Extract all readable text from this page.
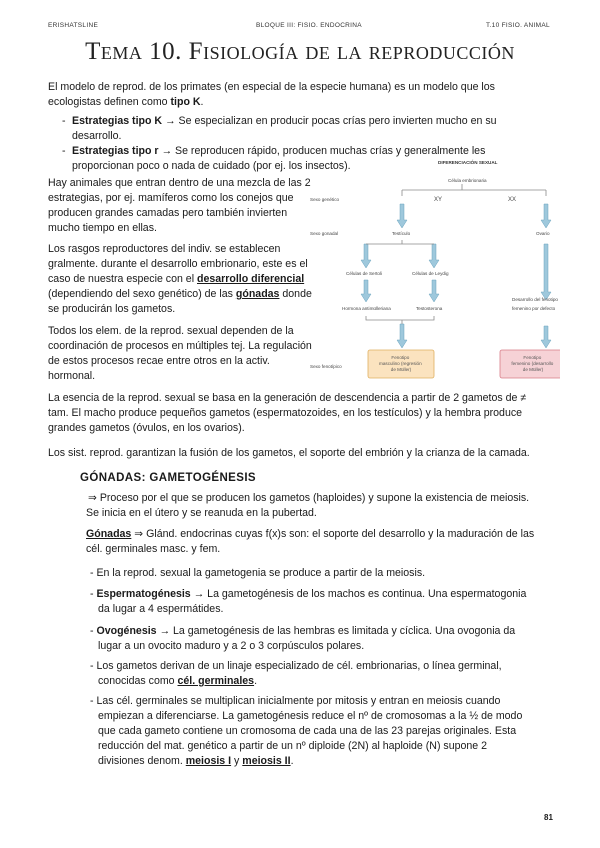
ERISHATSLINE	BLOQUE III: FISIO. ENDOCRINA	T.10 FISIO. ANIMAL
Tema 10. Fisiología de la reproducción
El modelo de reprod. de los primates (en especial de la especie humana) es un modelo que los
ecologistas definen como tipo K.
- Estrategias tipo K → Se especializan en producir pocas crías pero invierten mucho en su
desarrollo.
- Estrategias tipo r → Se reproducen rápido, producen muchas crías y generalmente les
proporcionan poco o nada de cuidado (por ej. los insectos).
Hay animales que entran dentro de una mezcla de las 2
estrategias, por ej. mamíferos como los conejos que
producen grandes camadas pero también invierten
mucho tiempo en ellas.
Los rasgos reproductores del indiv. se establecen
gralmente. durante el desarrollo embrionario, este es el
caso de nuestra especie con el desarrollo diferencial
(dependiendo del sexo genético) de las gónadas donde
se producirán los gametos.
Todos los elem. de la reprod. sexual dependen de la
coordinación de procesos en múltiples tej. La regulación
de estos procesos recae entre otros en la activ.
hormonal.
DIFERENCIACIÓN SEXUAL
Célula embrionaria
XY	XX
Sexo genético
Sexo gonadal
Sexo fenotípico
Testículo	Ovario
Células de Sertoli	Células de Leydig
Hormona antimülleriana	Testosterona
Desarrollo del fenotipo femenino por defecto
Fenotipo masculino (regresión de Müller)
Fenotipo femenino (desarrollo de Müller)
La esencia de la reprod. sexual se basa en la generación de descendencia a partir de 2 gametos de ≠
tam. El macho produce pequeños gametos (espermatozoides, en los testículos) y la hembra produce
grandes gametos (óvulos, en los ovarios).
Los sist. reprod. garantizan la fusión de los gametos, el soporte del embrión y la crianza de la camada.
GÓNADAS: GAMETOGÉNESIS
⇒ Proceso por el que se producen los gametos (haploides) y supone la existencia de meiosis.
Se inicia en el útero y se reanuda en la pubertad.
Gónadas ⇒ Glánd. endocrinas cuyas f(x)s son: el soporte del desarrollo y la maduración de las
cél. germinales masc. y fem.
- En la reprod. sexual la gametogenia se produce a partir de la meiosis.
- Espermatogénesis → La gametogénesis de los machos es continua. Una espermatogonia
da lugar a 4 espermátides.
- Ovogénesis → La gametogénesis de las hembras es limitada y cíclica. Una ovogonia da
lugar a un ovocito maduro y a 2 o 3 corpúsculos polares.
- Los gametos derivan de un linaje especializado de cél. embrionarias, o línea germinal,
conocidas como cél. germinales.
- Las cél. germinales se multiplican inicialmente por mitosis y entran en meiosis cuando
empiezan a diferenciarse. La gametogénesis reduce el nº de cromosomas a la ½ de modo
que cada gameto contiene un cromosoma de cada una de las 23 parejas originales. Esta
reducción del mat. genético a partir de un nº diploide (2N) al haploide (N) supone 2
divisiones denom. meiosis I y meiosis II.
81
